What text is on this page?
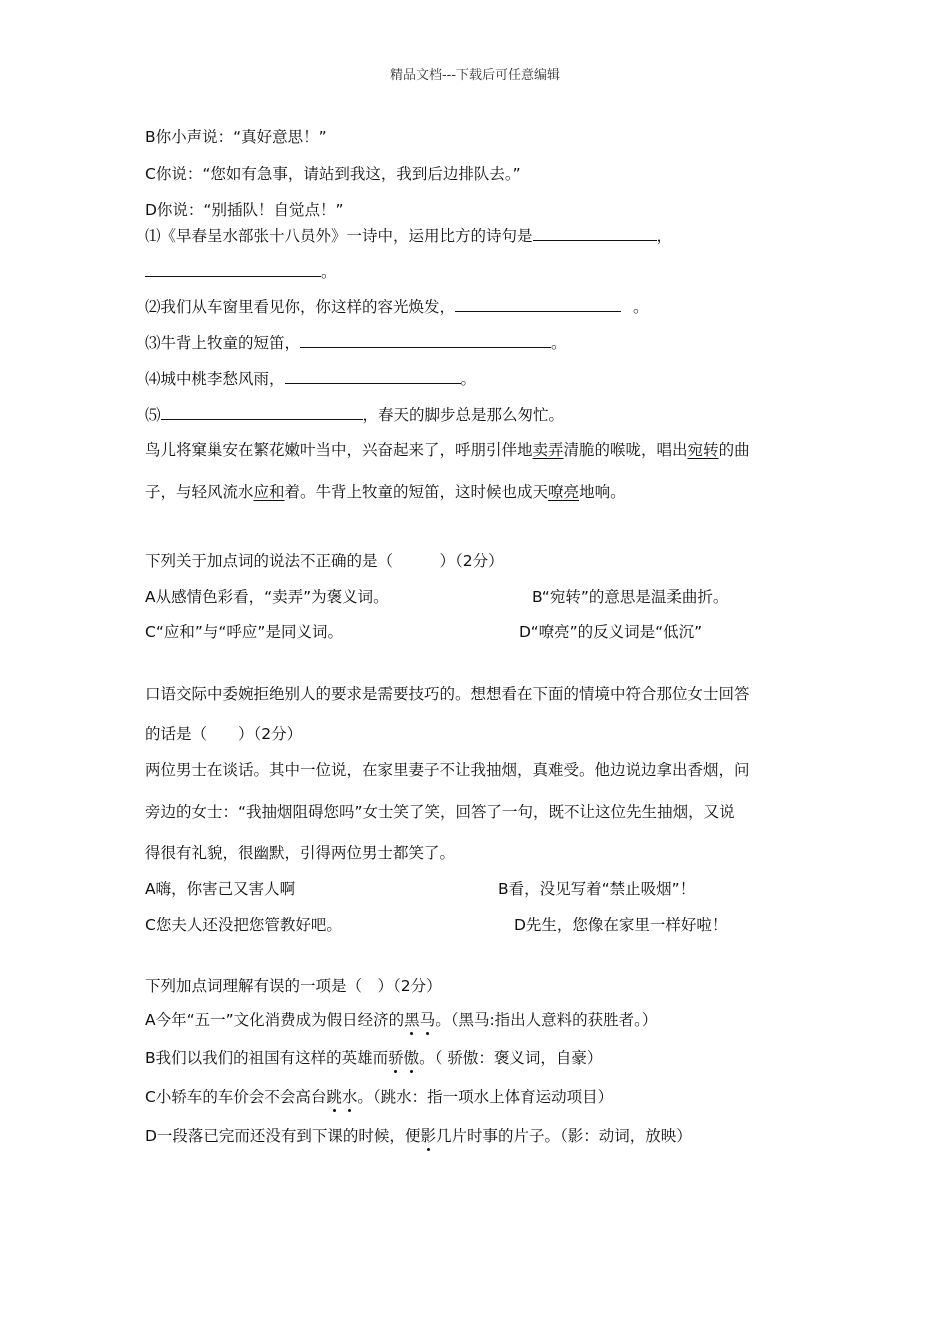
精品文档---下载后可任意编辑
B你小声说：“真好意思！”
C你说：“您如有急事，请站到我这，我到后边排队去。”
D你说：“别插队！自觉点！”
⑴《早春呈水部张十八员外》一诗中，运用比方的诗句是	，
。
⑵我们从车窗里看见你，你这样的容光焕发，	。
⑶牛背上牧童的短笛，	。
⑷城中桃李愁风雨，	。
⑸	，春天的脚步总是那么匆忙。
鸟儿将窠巢安在繁花嫩叶当中，兴奋起来了，呼朋引伴地卖弄清脆的喉咙，唱出宛转的曲
子，与轻风流水应和着。牛背上牧童的短笛，这时候也成天嘹亮地响。
下列关于加点词的说法不正确的是（　　　）（2分）
A从感情色彩看，“卖弄”为褒义词。	B“宛转”的意思是温柔曲折。
C“应和”与“呼应”是同义词。	D“嘹亮”的反义词是“低沉”
口语交际中委婉拒绝别人的要求是需要技巧的。想想看在下面的情境中符合那位女士回答
的话是（　　）（2分）
两位男士在谈话。其中一位说，在家里妻子不让我抽烟，真难受。他边说边拿出香烟，问
旁边的女士：“我抽烟阻碍您吗”女士笑了笑，回答了一句，既不让这位先生抽烟，又说
得很有礼貌，很幽默，引得两位男士都笑了。
A嗨，你害己又害人啊	B看，没见写着“禁止吸烟”！
C您夫人还没把您管教好吧。	D先生，您像在家里一样好啦！
下列加点词理解有误的一项是（　）（2分）
A今年“五一”文化消费成为假日经济的黑马。（黑马:指出人意料的获胜者。）
B我们以我们的祖国有这样的英雄而骄傲。（ 骄傲：褒义词，自豪）
C小轿车的车价会不会高台跳水。（跳水：指一项水上体育运动项目）
D一段落已完而还没有到下课的时候，便影几片时事的片子。（影：动词，放映）
